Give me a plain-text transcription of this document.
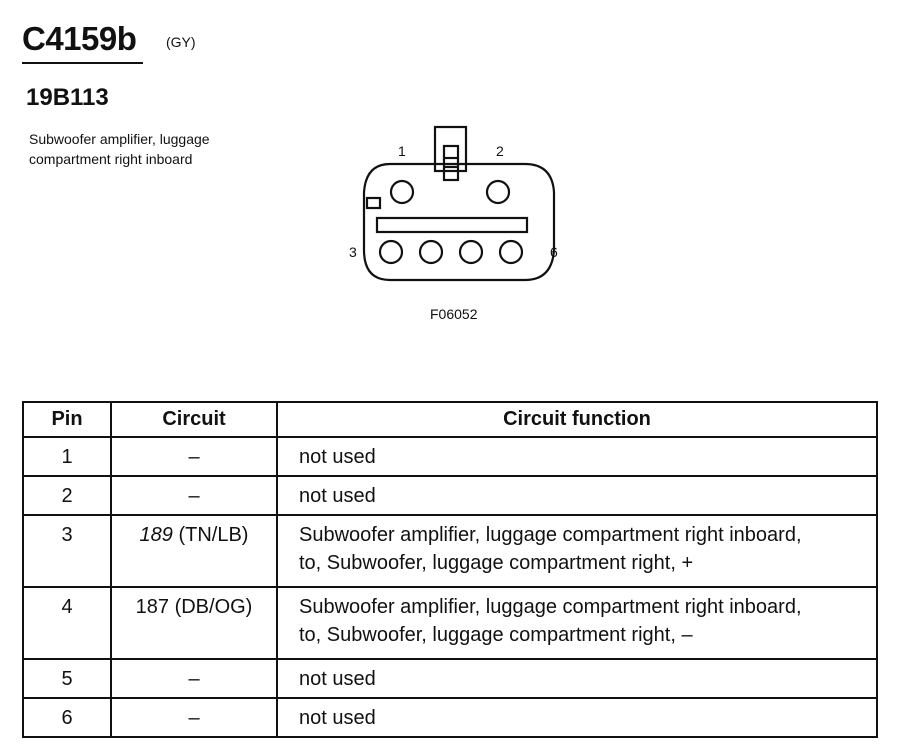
C4159b (GY)
19B113
Subwoofer amplifier, luggage
compartment right inboard	1	2
3	6
F06052
Pin	Circuit	Circuit function
1	–	not used

2	–	not used

3	189 (TN/LB)	Subwoofer amplifier, luggage compartment right inboard,
to, Subwoofer, luggage compartment right, +

4	187 (DB/OG)	Subwoofer amplifier, luggage compartment right inboard,
to, Subwoofer, luggage compartment right, –

5	–	not used

6	–	not used
